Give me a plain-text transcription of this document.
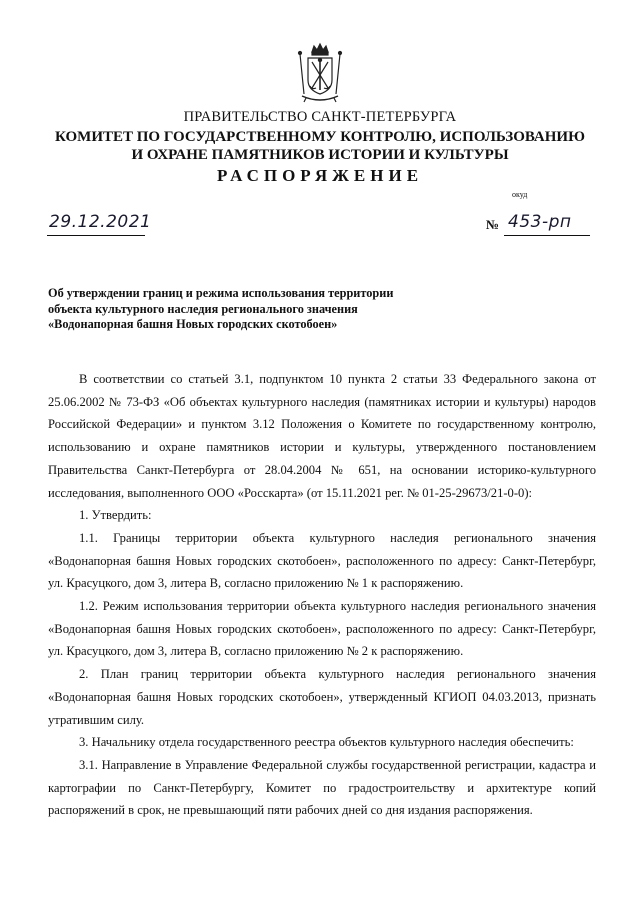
ПРАВИТЕЛЬСТВО САНКТ-ПЕТЕРБУРГА
КОМИТЕТ ПО ГОСУДАРСТВЕННОМУ КОНТРОЛЮ, ИСПОЛЬЗОВАНИЮ
И ОХРАНЕ ПАМЯТНИКОВ ИСТОРИИ И КУЛЬТУРЫ
РАСПОРЯЖЕНИЕ
окуд
29.12.2021	№ 453-рп
Об утверждении границ и режима использования территории
объекта культурного наследия регионального значения
«Водонапорная башня Новых городских скотобоен»

В соответствии со статьей 3.1, подпунктом 10 пункта 2 статьи 33 Федерального закона от 25.06.2002 № 73-ФЗ «Об объектах культурного наследия (памятниках истории и культуры) народов Российской Федерации» и пунктом 3.12 Положения о Комитете по государственному контролю, использованию и охране памятников истории и культуры, утвержденного постановлением Правительства Санкт-Петербурга от 28.04.2004 № 651, на основании историко-культурного исследования, выполненного ООО «Росскарта» (от 15.11.2021 рег. № 01-25-29673/21-0-0):

1. Утвердить:

1.1. Границы территории объекта культурного наследия регионального значения «Водонапорная башня Новых городских скотобоен», расположенного по адресу: Санкт-Петербург, ул. Красуцкого, дом 3, литера В, согласно приложению № 1 к распоряжению.

1.2. Режим использования территории объекта культурного наследия регионального значения «Водонапорная башня Новых городских скотобоен», расположенного по адресу: Санкт-Петербург, ул. Красуцкого, дом 3, литера В, согласно приложению № 2 к распоряжению.

2. План границ территории объекта культурного наследия регионального значения «Водонапорная башня Новых городских скотобоен», утвержденный КГИОП 04.03.2013, признать утратившим силу.

3. Начальнику отдела государственного реестра объектов культурного наследия обеспечить:

3.1. Направление в Управление Федеральной службы государственной регистрации, кадастра и картографии по Санкт-Петербургу, Комитет по градостроительству и архитектуре копий распоряжений в срок, не превышающий пяти рабочих дней со дня издания распоряжения.
